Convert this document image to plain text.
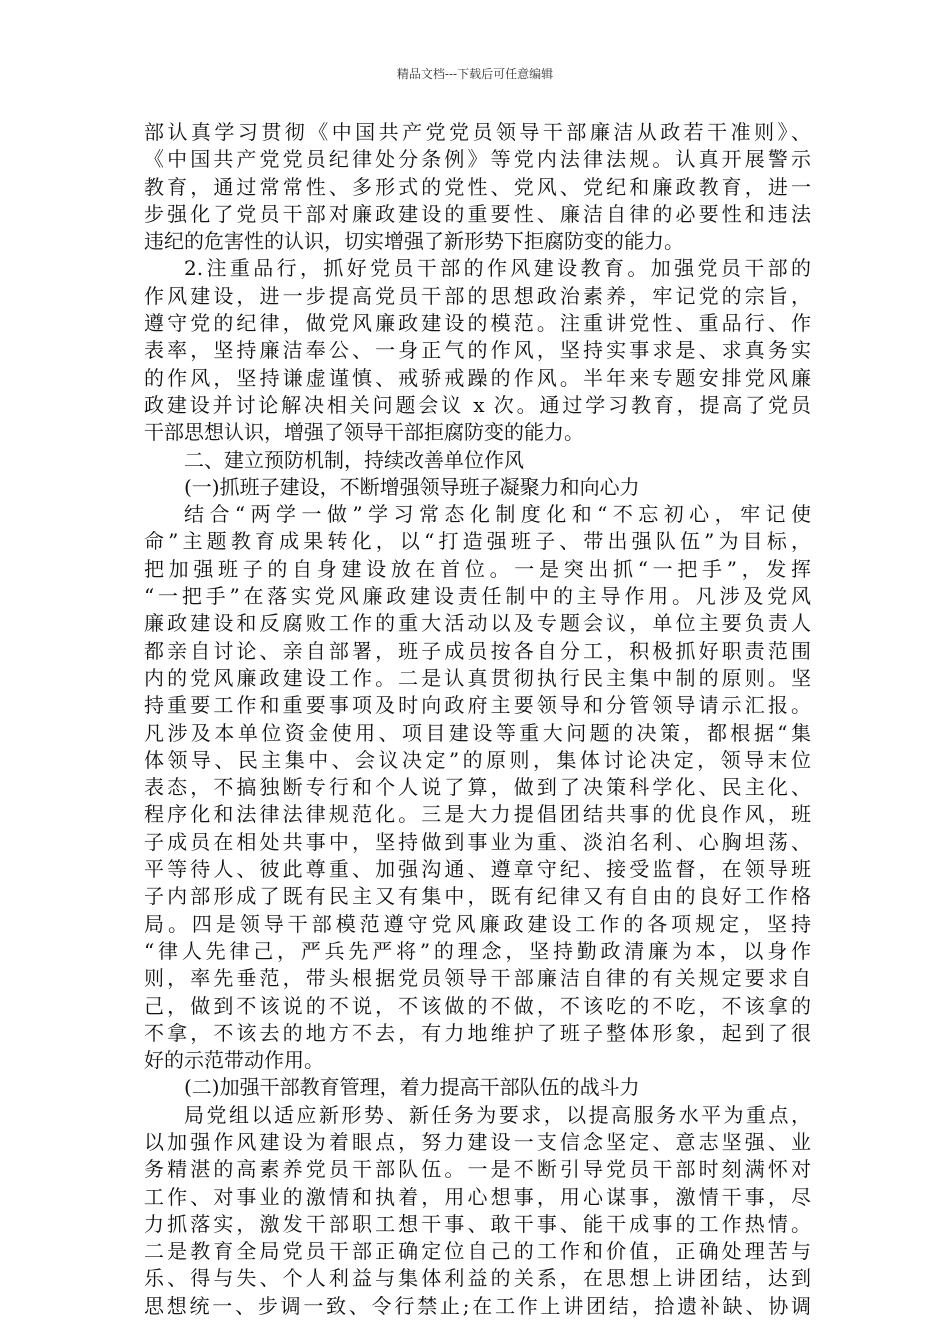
精品文档---下载后可任意编辑
部认真学习贯彻《中国共产党党员领导干部廉洁从政若干准则》、
《中国共产党党员纪律处分条例》等党内法律法规。认真开展警示
教育，通过常常性、多形式的党性、党风、党纪和廉政教育，进一
步强化了党员干部对廉政建设的重要性、廉洁自律的必要性和违法
违纪的危害性的认识，切实增强了新形势下拒腐防变的能力。
2.注重品行，抓好党员干部的作风建设教育。加强党员干部的
作风建设，进一步提高党员干部的思想政治素养，牢记党的宗旨，
遵守党的纪律，做党风廉政建设的模范。注重讲党性、重品行、作
表率，坚持廉洁奉公、一身正气的作风，坚持实事求是、求真务实
的作风，坚持谦虚谨慎、戒骄戒躁的作风。半年来专题安排党风廉
政建设并讨论解决相关问题会议 x 次。通过学习教育，提高了党员
干部思想认识，增强了领导干部拒腐防变的能力。
二、建立预防机制，持续改善单位作风
(一)抓班子建设，不断增强领导班子凝聚力和向心力
结合“两学一做”学习常态化制度化和“不忘初心，牢记使
命”主题教育成果转化，以“打造强班子、带出强队伍”为目标，
把加强班子的自身建设放在首位。一是突出抓“一把手”，发挥
“一把手”在落实党风廉政建设责任制中的主导作用。凡涉及党风
廉政建设和反腐败工作的重大活动以及专题会议，单位主要负责人
都亲自讨论、亲自部署，班子成员按各自分工，积极抓好职责范围
内的党风廉政建设工作。二是认真贯彻执行民主集中制的原则。坚
持重要工作和重要事项及时向政府主要领导和分管领导请示汇报。
凡涉及本单位资金使用、项目建设等重大问题的决策，都根据“集
体领导、民主集中、会议决定”的原则，集体讨论决定，领导末位
表态，不搞独断专行和个人说了算，做到了决策科学化、民主化、
程序化和法律法律规范化。三是大力提倡团结共事的优良作风，班
子成员在相处共事中，坚持做到事业为重、淡泊名利、心胸坦荡、
平等待人、彼此尊重、加强沟通、遵章守纪、接受监督，在领导班
子内部形成了既有民主又有集中，既有纪律又有自由的良好工作格
局。四是领导干部模范遵守党风廉政建设工作的各项规定，坚持
“律人先律己，严兵先严将”的理念，坚持勤政清廉为本，以身作
则，率先垂范，带头根据党员领导干部廉洁自律的有关规定要求自
己，做到不该说的不说，不该做的不做，不该吃的不吃，不该拿的
不拿，不该去的地方不去，有力地维护了班子整体形象，起到了很
好的示范带动作用。
(二)加强干部教育管理，着力提高干部队伍的战斗力
局党组以适应新形势、新任务为要求，以提高服务水平为重点，
以加强作风建设为着眼点，努力建设一支信念坚定、意志坚强、业
务精湛的高素养党员干部队伍。一是不断引导党员干部时刻满怀对
工作、对事业的激情和执着，用心想事，用心谋事，激情干事，尽
力抓落实，激发干部职工想干事、敢干事、能干成事的工作热情。
二是教育全局党员干部正确定位自己的工作和价值，正确处理苦与
乐、得与失、个人利益与集体利益的关系，在思想上讲团结，达到
思想统一、步调一致、令行禁止;在工作上讲团结，拾遗补缺、协调
